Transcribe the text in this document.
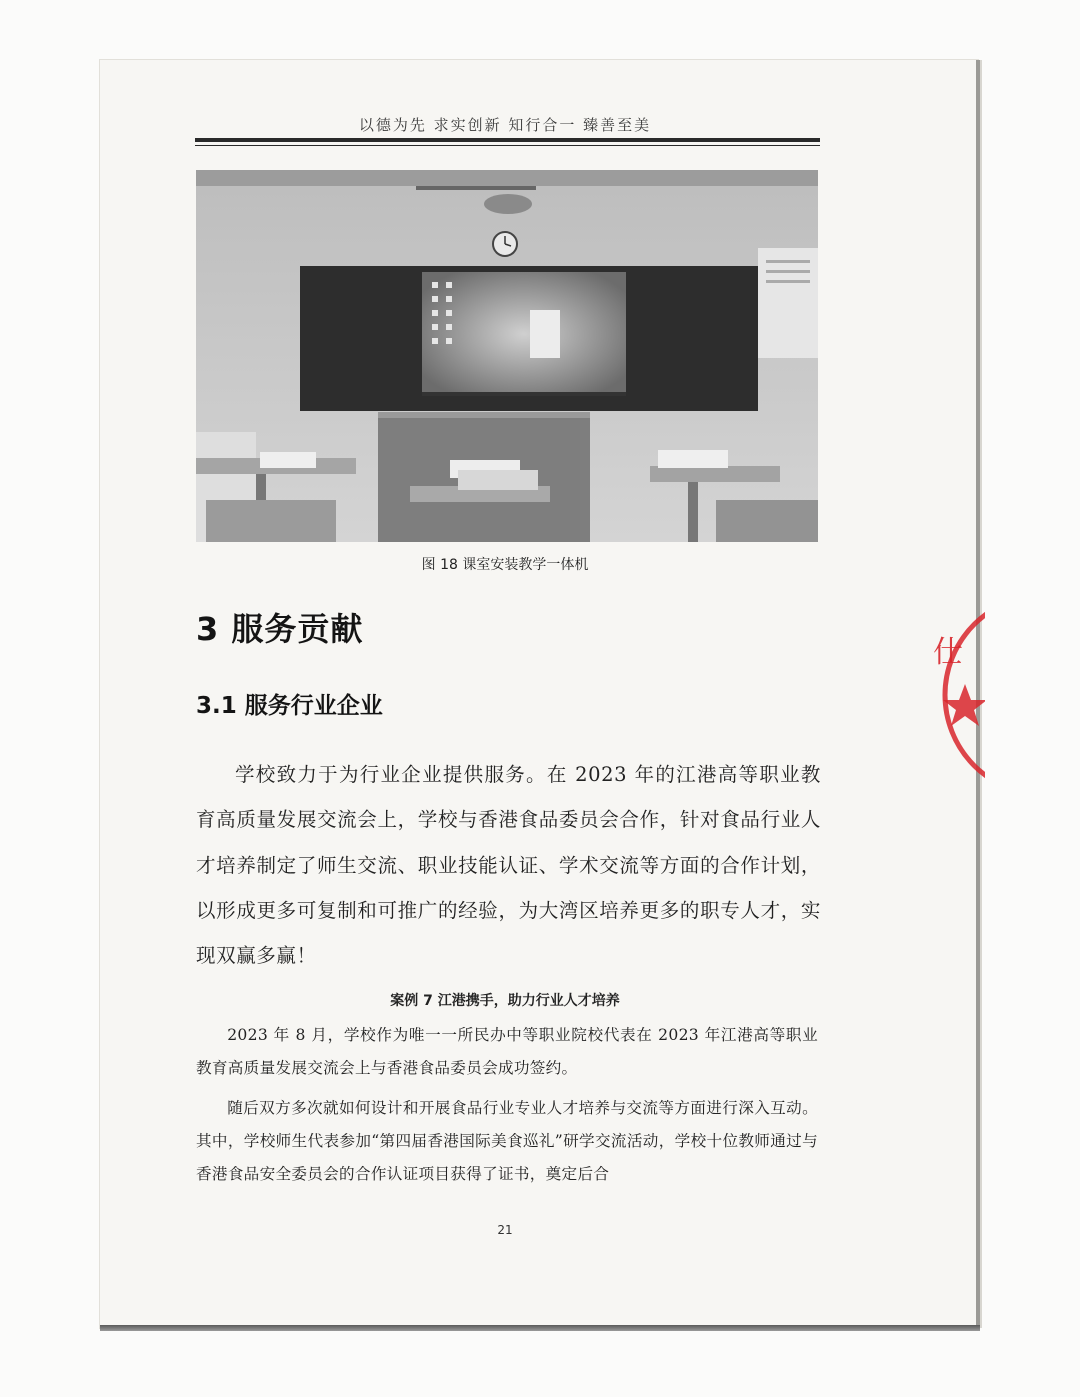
以德为先 求实创新 知行合一 臻善至美
图 18 课室安装教学一体机
3 服务贡献
3.1 服务行业企业
学校致力于为行业企业提供服务。在 2023 年的江港高等职业教育高质量发展交流会上，学校与香港食品委员会合作，针对食品行业人才培养制定了师生交流、职业技能认证、学术交流等方面的合作计划，以形成更多可复制和可推广的经验，为大湾区培养更多的职专人才，实现双赢多赢！
案例 7 江港携手，助力行业人才培养
2023 年 8 月，学校作为唯一一所民办中等职业院校代表在 2023 年江港高等职业教育高质量发展交流会上与香港食品委员会成功签约。
随后双方多次就如何设计和开展食品行业专业人才培养与交流等方面进行深入互动。其中，学校师生代表参加“第四届香港国际美食巡礼”研学交流活动，学校十位教师通过与香港食品安全委员会的合作认证项目获得了证书，奠定后合
21
仕
